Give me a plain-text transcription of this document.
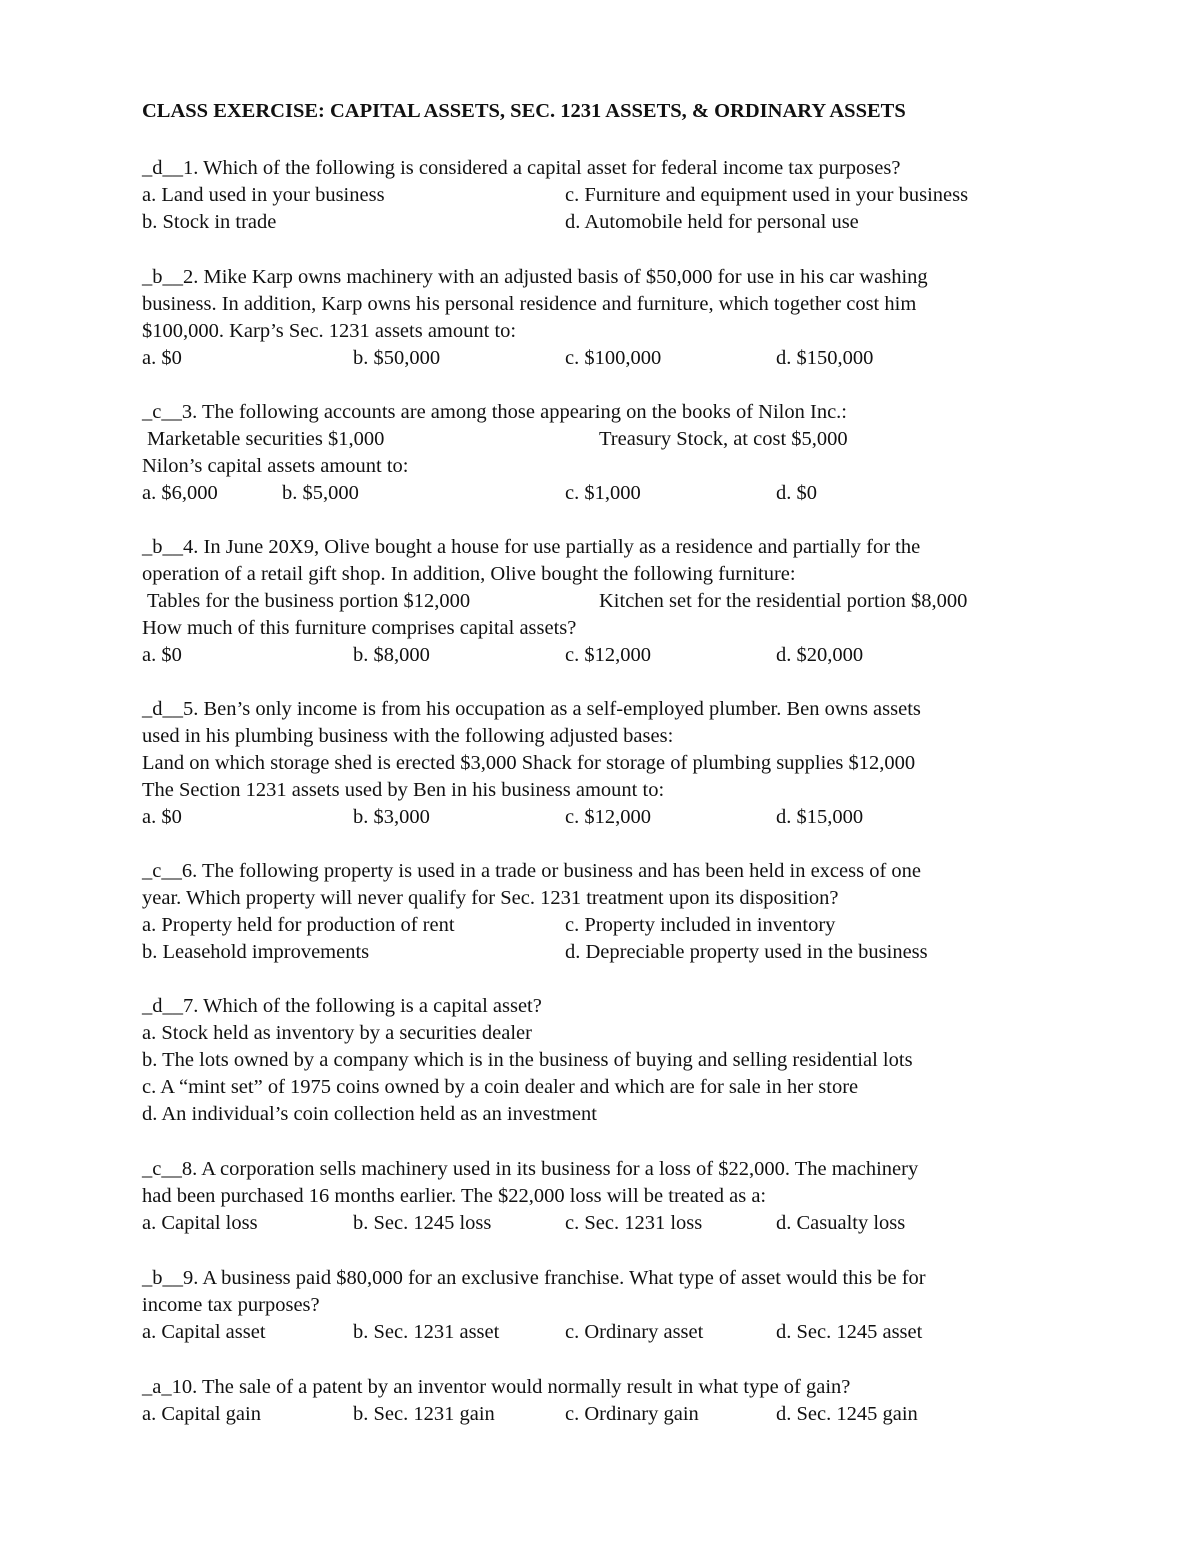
CLASS EXERCISE: CAPITAL ASSETS, SEC. 1231 ASSETS, & ORDINARY ASSETS
_d__1. Which of the following is considered a capital asset for federal income tax purposes?
a. Land used in your business	c. Furniture and equipment used in your business
b. Stock in trade	d. Automobile held for personal use
_b__2. Mike Karp owns machinery with an adjusted basis of $50,000 for use in his car washing
business. In addition, Karp owns his personal residence and furniture, which together cost him
$100,000. Karp’s Sec. 1231 assets amount to:
a. $0	b. $50,000	c. $100,000	d. $150,000
_c__3. The following accounts are among those appearing on the books of Nilon Inc.:
Marketable securities $1,000	Treasury Stock, at cost $5,000
Nilon’s capital assets amount to:
a. $6,000	b. $5,000	c. $1,000	d. $0
_b__4. In June 20X9, Olive bought a house for use partially as a residence and partially for the
operation of a retail gift shop. In addition, Olive bought the following furniture:
Tables for the business portion $12,000	Kitchen set for the residential portion $8,000
How much of this furniture comprises capital assets?
a. $0	b. $8,000	c. $12,000	d. $20,000
_d__5. Ben’s only income is from his occupation as a self-employed plumber. Ben owns assets
used in his plumbing business with the following adjusted bases:
Land on which storage shed is erected $3,000 Shack for storage of plumbing supplies $12,000
The Section 1231 assets used by Ben in his business amount to:
a. $0	b. $3,000	c. $12,000	d. $15,000
_c__6. The following property is used in a trade or business and has been held in excess of one
year. Which property will never qualify for Sec. 1231 treatment upon its disposition?
a. Property held for production of rent	c. Property included in inventory
b. Leasehold improvements	d. Depreciable property used in the business
_d__7. Which of the following is a capital asset?
a. Stock held as inventory by a securities dealer
b. The lots owned by a company which is in the business of buying and selling residential lots
c. A “mint set” of 1975 coins owned by a coin dealer and which are for sale in her store
d. An individual’s coin collection held as an investment
_c__8. A corporation sells machinery used in its business for a loss of $22,000. The machinery
had been purchased 16 months earlier. The $22,000 loss will be treated as a:
a. Capital loss	b. Sec. 1245 loss	c. Sec. 1231 loss	d. Casualty loss
_b__9. A business paid $80,000 for an exclusive franchise. What type of asset would this be for
income tax purposes?
a. Capital asset	b. Sec. 1231 asset	c. Ordinary asset	d. Sec. 1245 asset
_a_10. The sale of a patent by an inventor would normally result in what type of gain?
a. Capital gain	b. Sec. 1231 gain	c. Ordinary gain	d. Sec. 1245 gain
